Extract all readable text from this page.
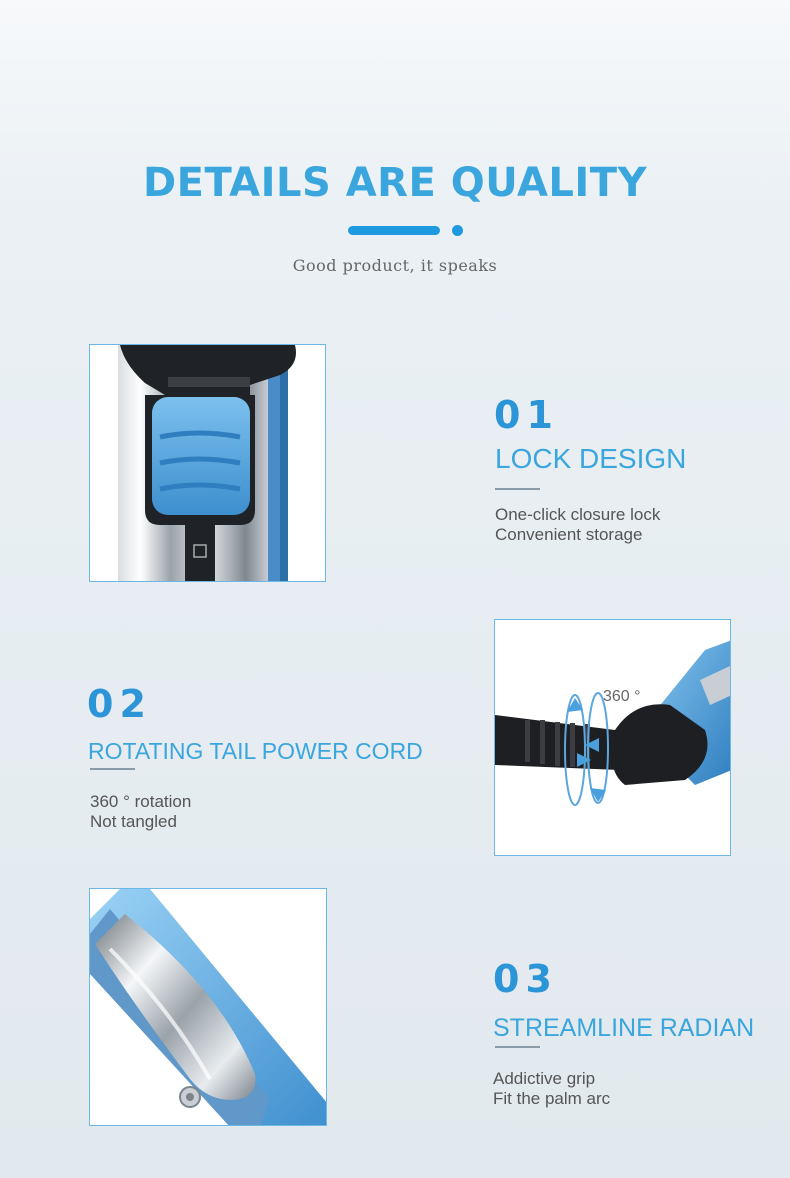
DETAILS ARE QUALITY
Good product, it speaks
01
LOCK DESIGN
One-click closure lock
Convenient storage
02
ROTATING TAIL POWER CORD
360 ° rotation
Not tangled
360 °
03
STREAMLINE RADIAN
Addictive grip
Fit the palm arc
